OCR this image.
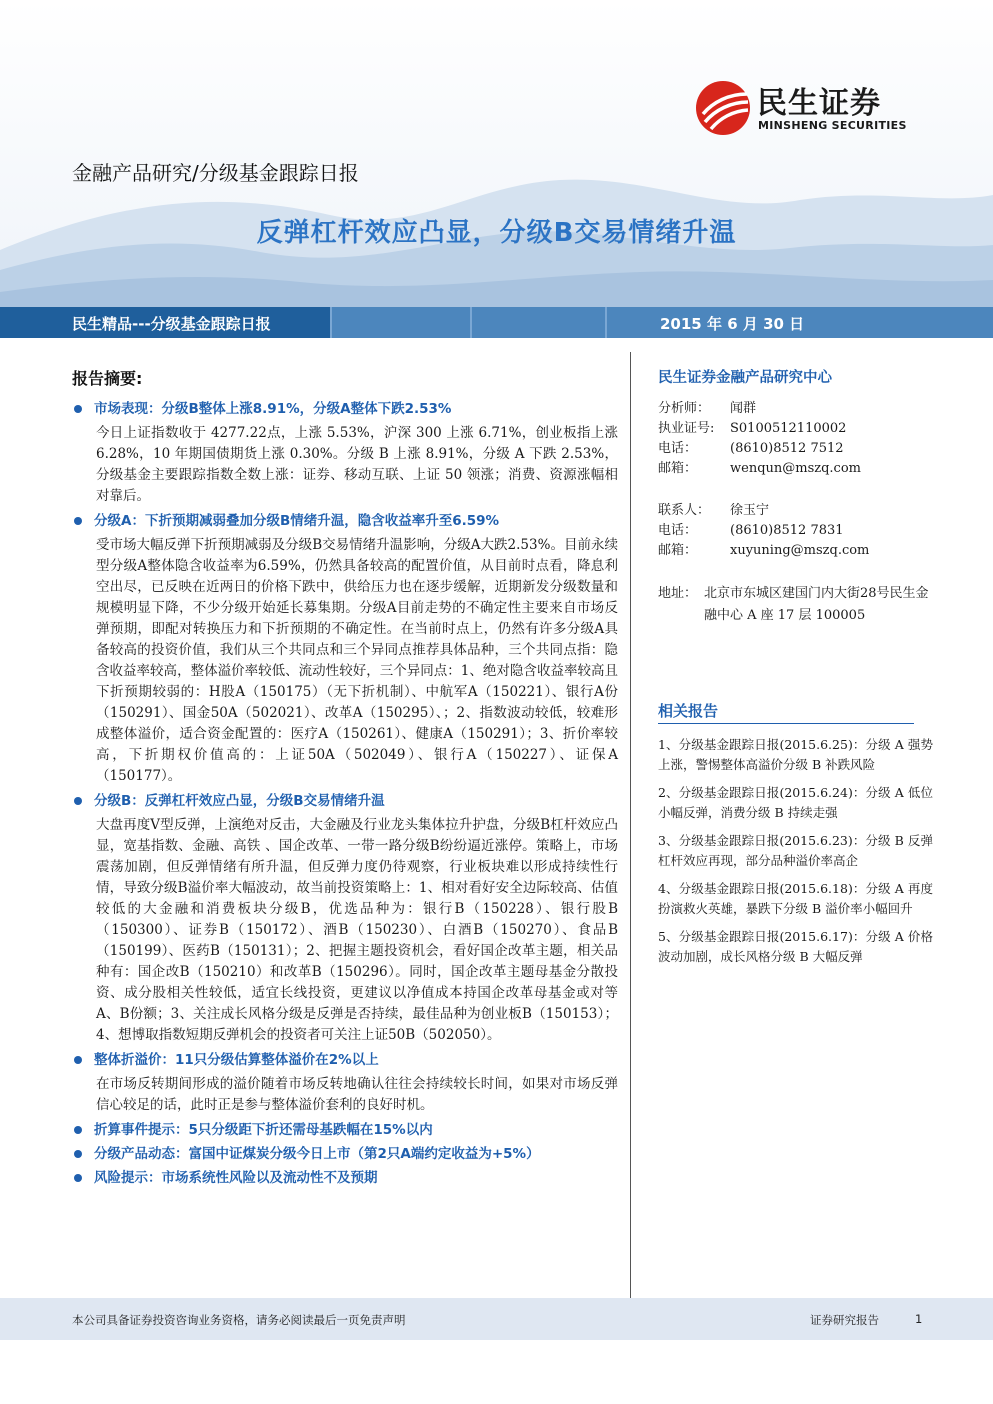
民生证券
MINSHENG SECURITIES
金融产品研究/分级基金跟踪日报
反弹杠杆效应凸显，分级B交易情绪升温
民生精品---分级基金跟踪日报	2015 年 6 月 30 日
报告摘要:
市场表现：分级B整体上涨8.91%，分级A整体下跌2.53%
今日上证指数收于 4277.22点，上涨 5.53%，沪深 300 上涨 6.71%，创业板指上涨 6.28%，10 年期国债期货上涨 0.30%。分级 B 上涨 8.91%，分级 A 下跌 2.53%，分级基金主要跟踪指数全数上涨：证券、移动互联、上证 50 领涨；消费、资源涨幅相对靠后。
分级A：下折预期减弱叠加分级B情绪升温，隐含收益率升至6.59%
受市场大幅反弹下折预期减弱及分级B交易情绪升温影响，分级A大跌2.53%。目前永续型分级A整体隐含收益率为6.59%，仍然具备较高的配置价值，从目前时点看，降息利空出尽，已反映在近两日的价格下跌中，供给压力也在逐步缓解，近期新发分级数量和规模明显下降，不少分级开始延长募集期。分级A目前走势的不确定性主要来自市场反弹预期，即配对转换压力和下折预期的不确定性。在当前时点上，仍然有许多分级A具备较高的投资价值，我们从三个共同点和三个异同点推荐具体品种，三个共同点指：隐含收益率较高，整体溢价率较低、流动性较好，三个异同点：1、绝对隐含收益率较高且下折预期较弱的：H股A（150175）（无下折机制）、中航军A（150221）、银行A份（150291）、国金50A（502021）、改革A（150295）、；2、指数波动较低，较难形成整体溢价，适合资金配置的：医疗A（150261）、健康A（150291）；3、折价率较高，下折期权价值高的：上证50A（502049）、银行A（150227）、证保A（150177）。
分级B：反弹杠杆效应凸显，分级B交易情绪升温
大盘再度V型反弹，上演绝对反击，大金融及行业龙头集体拉升护盘，分级B杠杆效应凸显，宽基指数、金融、高铁 、国企改革、一带一路分级B纷纷逼近涨停。策略上，市场震荡加剧，但反弹情绪有所升温，但反弹力度仍待观察，行业板块难以形成持续性行情，导致分级B溢价率大幅波动，故当前投资策略上：1、相对看好安全边际较高、估值较低的大金融和消费板块分级B，优选品种为：银行B（150228）、银行股B（150300）、证券B（150172）、酒B（150230）、白酒B（150270）、食品B（150199）、医药B（150131）；2、把握主题投资机会，看好国企改革主题，相关品种有：国企改B（150210）和改革B（150296）。同时，国企改革主题母基金分散投资、成分股相关性较低，适宜长线投资，更建议以净值成本持国企改革母基金或对等A、B份额；3、关注成长风格分级是反弹是否持续，最佳品种为创业板B（150153）；4、想博取指数短期反弹机会的投资者可关注上证50B（502050）。
整体折溢价：11只分级估算整体溢价在2%以上
在市场反转期间形成的溢价随着市场反转地确认往往会持续较长时间，如果对市场反弹信心较足的话，此时正是参与整体溢价套利的良好时机。
折算事件提示：5只分级距下折还需母基跌幅在15%以内
分级产品动态：富国中证煤炭分级今日上市（第2只A端约定收益为+5%）
风险提示：市场系统性风险以及流动性不及预期
民生证券金融产品研究中心
分析师： 闻群
执业证号: S0100512110002
电话：	(8610)8512 7512
邮箱：	wenqun@mszq.com
联系人： 徐玉宁
电话：	(8610)8512 7831
邮箱：	xuyuning@mszq.com
地址： 北京市东城区建国门内大街28号民生金融中心 A 座 17 层 100005
相关报告
1、分级基金跟踪日报(2015.6.25)：分级 A 强势上涨，警惕整体高溢价分级 B 补跌风险
2、分级基金跟踪日报(2015.6.24)：分级 A 低位小幅反弹，消费分级 B 持续走强
3、分级基金跟踪日报(2015.6.23)：分级 B 反弹杠杆效应再现，部分品种溢价率高企
4、分级基金跟踪日报(2015.6.18)：分级 A 再度扮演救火英雄，暴跌下分级 B 溢价率小幅回升
5、分级基金跟踪日报(2015.6.17)：分级 A 价格波动加剧，成长风格分级 B 大幅反弹
本公司具备证券投资咨询业务资格，请务必阅读最后一页免责声明	证券研究报告	1
